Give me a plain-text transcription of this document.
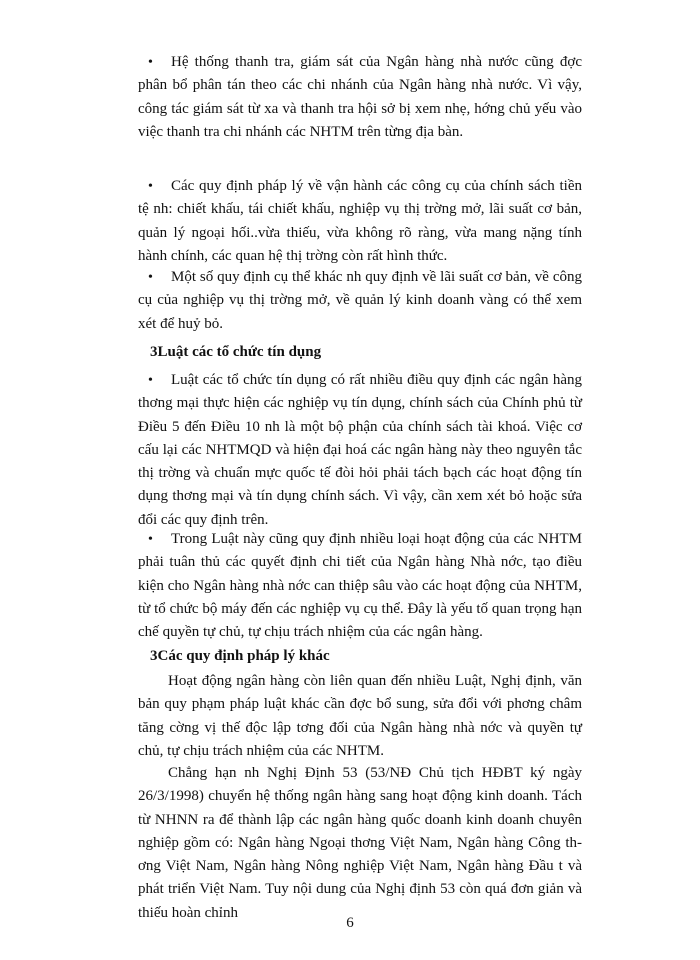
•	Hệ thống thanh tra, giám sát của Ngân hàng nhà nước cũng đợc phân bổ phân tán theo các chi nhánh của Ngân hàng nhà nước. Vì vậy, công tác giám sát từ xa và thanh tra hội sở bị xem nhẹ, hớng chủ yếu vào việc thanh tra chi nhánh các NHTM trên từng địa bàn.

•	Các quy định pháp lý về vận hành các công cụ của chính sách tiền tệ nh: chiết khấu, tái chiết khấu, nghiệp vụ thị trờng mở, lãi suất cơ bản, quản lý ngoại hối..vừa thiếu, vừa không rõ ràng, vừa mang nặng tính hành chính, các quan hệ thị trờng còn rất hình thức.

•	Một số quy định cụ thể khác nh quy định về lãi suất cơ bản, về công cụ của nghiệp vụ thị trờng mở, về quản lý kinh doanh vàng có thể xem xét để huỷ bỏ.

3Luật các tổ chức tín dụng
•	Luật các tổ chức tín dụng có rất nhiều điều quy định các ngân hàng thơng mại thực hiện các nghiệp vụ tín dụng, chính sách của Chính phủ từ Điều 5 đến Điều 10 nh là một bộ phận của chính sách tài khoá. Việc cơ cấu lại các NHTMQD và hiện đại hoá các ngân hàng này theo nguyên tắc thị trờng và chuẩn mực quốc tế đòi hỏi phải tách bạch các hoạt động tín dụng thơng mại và tín dụng chính sách. Vì vậy, cần xem xét bỏ hoặc sửa đổi các quy định trên.

•	Trong Luật này cũng quy định nhiều loại hoạt động của các NHTM phải tuân thủ các quyết định chi tiết của Ngân hàng Nhà nớc, tạo điều kiện cho Ngân hàng nhà nớc can thiệp sâu vào các hoạt động của NHTM, từ tổ chức bộ máy đến các nghiệp vụ cụ thể. Đây là yếu tố quan trọng hạn chế quyền tự chủ, tự chịu trách nhiệm của các ngân hàng.

3Các quy định pháp lý khác

Hoạt động ngân hàng còn liên quan đến nhiều Luật, Nghị định, văn bản quy phạm pháp luật khác cần đợc bổ sung, sửa đổi với phơng châm tăng cờng vị thế độc lập tơng đối của Ngân hàng nhà nớc và quyền tự chủ, tự chịu trách nhiệm của các NHTM.

Chẳng hạn nh Nghị Định 53 (53/NĐ Chủ tịch HĐBT ký ngày 26/3/1998) chuyển hệ thống ngân hàng sang hoạt động kinh doanh. Tách từ NHNN ra để thành lập các ngân hàng quốc doanh kinh doanh chuyên nghiệp gồm có: Ngân hàng Ngoại thơng Việt Nam, Ngân hàng Công thơng Việt Nam, Ngân hàng Nông nghiệp Việt Nam, Ngân hàng Đầu t và phát triển Việt Nam. Tuy nội dung của Nghị định 53 còn quá đơn giản và thiếu hoàn chỉnh

6
